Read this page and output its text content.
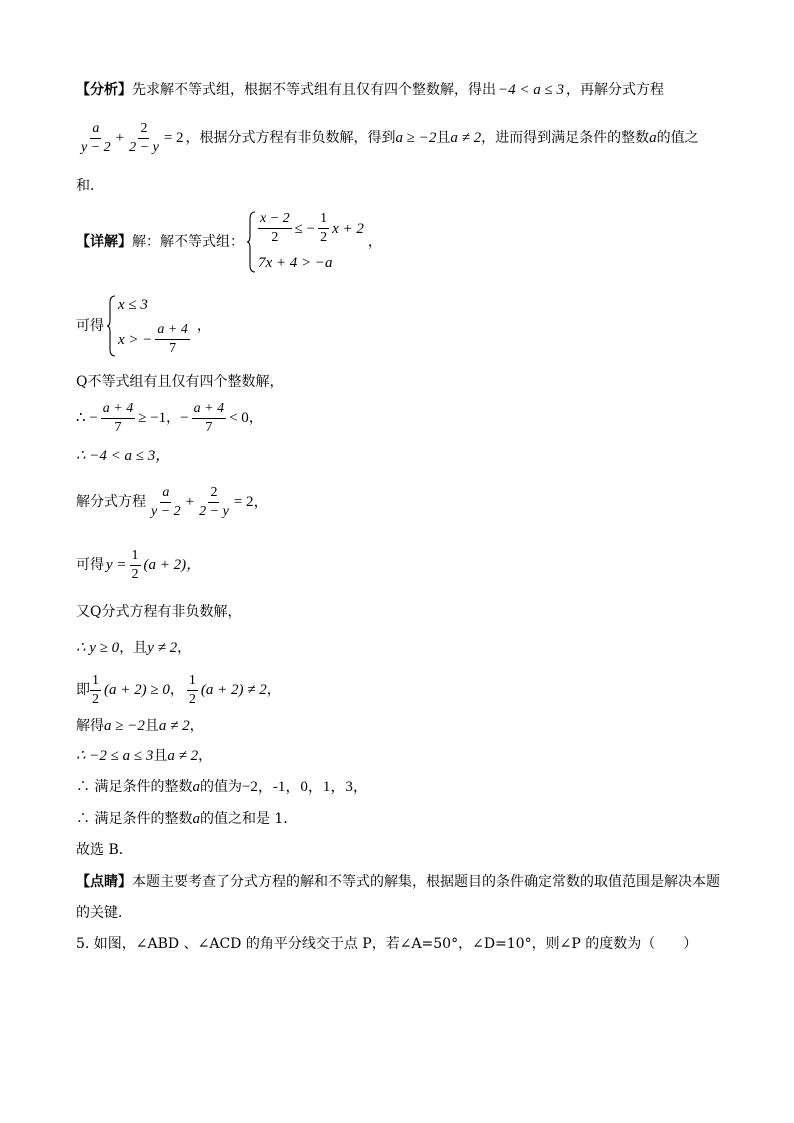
【分析】 先求解不等式组，根据不等式组有且仅有四个整数解，得出 −4 < a ≤ 3 ，再解分式方程
$\frac{a}{y - 2} + \frac{2}{2 - y} = 2$ ，根据分式方程有非负数解，得到 a ≥ −2 且 a ≠ 2 ，进而得到满足条件的整数 a 的值之
和．
【详解】 解：解不等式组： $\frac{x - 2}{2}$ ≤ − $\frac{1}{2}$ x + 2
7x + 4 > −a
，
可得
x ≤ 3
x > − $\frac{a + 4}{7}$ ，
Q不等式组有且仅有四个整数解，
∴ − $\frac{a + 4}{7} \ge -1$ ， − $\frac{a + 4}{7} < 0$ ，
∴ −4 < a ≤ 3，
解分式方程 $\frac{a}{y - 2} + \frac{2}{2 - y} = 2$，
可得 $y = \frac{1}{2} (a + 2)$，
又Q分式方程有非负数解，
∴ y ≥ 0 ，且 y ≠ 2 ，
即 $\frac{1}{2} (a + 2) \ge 0$ ， $\frac{1}{2} (a + 2) \ne 2$ ，
解得 a ≥ −2 且 a ≠ 2 ，
∴ −2 ≤ a ≤ 3 且 a ≠ 2 ，
∴ 满足条件的整数 a 的值为 −2，-1，0，1，3，
∴ 满足条件的整数 a 的值之和是 1．
故选 B．
【点睛】 本题主要考查了分式方程的解和不等式的解集，根据题目的条件确定常数的取值范围是解决本题
的关键．
5. 如图，∠ABD 、∠ACD 的角平分线交于点 P，若∠A=50°，∠D=10°，则∠P 的度数为（　　）
